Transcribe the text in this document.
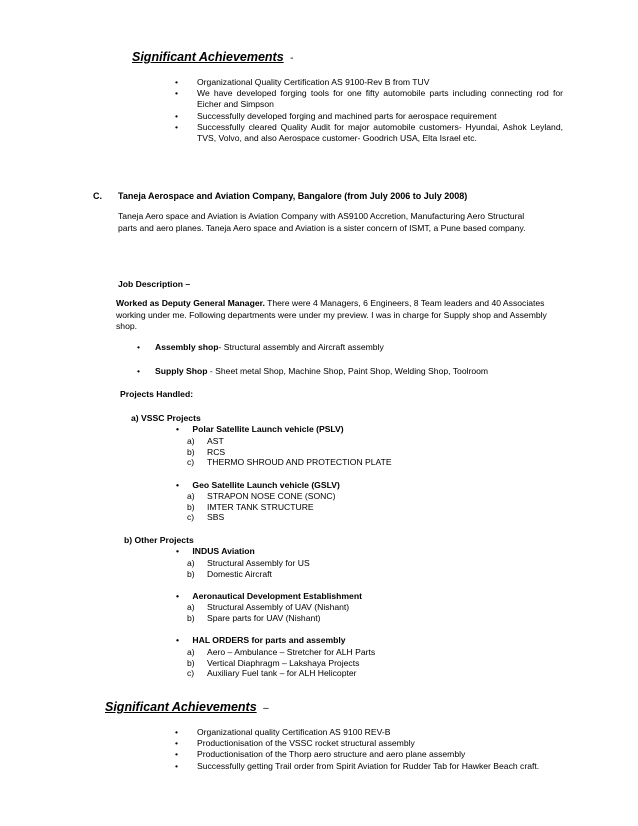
Significant Achievements -
• Organizational Quality Certification AS 9100-Rev B from TUV
• We have developed forging tools for one fifty automobile parts including connecting rod for Eicher and Simpson
• Successfully developed forging and machined parts for aerospace requirement
• Successfully cleared Quality Audit for major automobile customers- Hyundai, Ashok Leyland, TVS, Volvo, and also Aerospace customer- Goodrich USA, Elta Israel etc.
C. Taneja Aerospace and Aviation Company, Bangalore (from July 2006 to July 2008)

Taneja Aero space and Aviation is Aviation Company with AS9100 Accretion, Manufacturing Aero Structural parts and aero planes. Taneja Aero space and Aviation is a sister concern of ISMT, a Pune based company.

Job Description –

Worked as Deputy General Manager. There were 4 Managers, 6 Engineers, 8 Team leaders and 40 Associates working under me. Following departments were under my preview. I was in charge for Supply shop and Assembly shop.

• Assembly shop- Structural assembly and Aircraft assembly
• Supply Shop - Sheet metal Shop, Machine Shop, Paint Shop, Welding Shop, Toolroom
Projects Handled:
a) VSSC Projects
• Polar Satellite Launch vehicle (PSLV)
a) AST
b) RCS
c) THERMO SHROUD AND PROTECTION PLATE
• Geo Satellite Launch vehicle (GSLV)
a) STRAPON NOSE CONE (SONC)
b) IMTER TANK STRUCTURE
c) SBS
b) Other Projects
• INDUS Aviation
a) Structural Assembly for US
b) Domestic Aircraft
• Aeronautical Development Establishment
a) Structural Assembly of UAV (Nishant)
b) Spare parts for UAV (Nishant)
• HAL ORDERS for parts and assembly
a) Aero – Ambulance – Stretcher for ALH Parts
b) Vertical Diaphragm – Lakshaya Projects
c) Auxiliary Fuel tank – for ALH Helicopter
Significant Achievements –
• Organizational quality Certification AS 9100 REV-B
• Productionisation of the VSSC rocket structural assembly
• Productionisation of the Thorp aero structure and aero plane assembly
• Successfully getting Trail order from Spirit Aviation for Rudder Tab for Hawker Beach craft.
